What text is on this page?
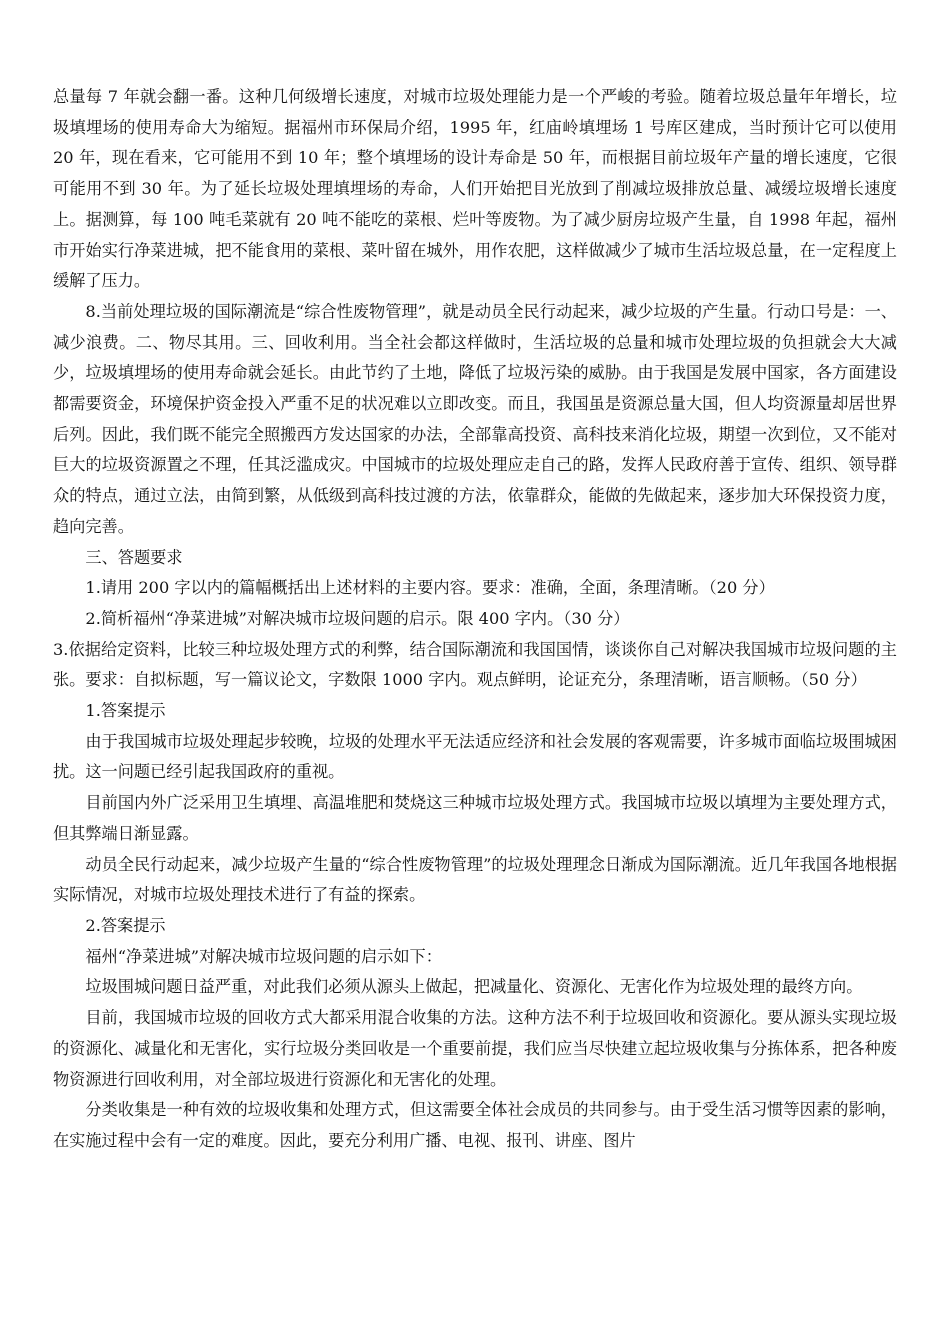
总量每 7 年就会翻一番。这种几何级增长速度，对城市垃圾处理能力是一个严峻的考验。随着垃圾总量年年增长，垃圾填埋场的使用寿命大为缩短。据福州市环保局介绍，1995 年，红庙岭填埋场 1 号库区建成，当时预计它可以使用 20 年，现在看来，它可能用不到 10 年；整个填埋场的设计寿命是 50 年，而根据目前垃圾年产量的增长速度，它很可能用不到 30 年。为了延长垃圾处理填埋场的寿命，人们开始把目光放到了削减垃圾排放总量、减缓垃圾增长速度上。据测算，每 100 吨毛菜就有 20 吨不能吃的菜根、烂叶等废物。为了减少厨房垃圾产生量，自 1998 年起，福州市开始实行净菜进城，把不能食用的菜根、菜叶留在城外，用作农肥，这样做减少了城市生活垃圾总量，在一定程度上缓解了压力。

8.当前处理垃圾的国际潮流是“综合性废物管理”，就是动员全民行动起来，减少垃圾的产生量。行动口号是：一、减少浪费。二、物尽其用。三、回收利用。当全社会都这样做时，生活垃圾的总量和城市处理垃圾的负担就会大大减少，垃圾填埋场的使用寿命就会延长。由此节约了土地，降低了垃圾污染的威胁。由于我国是发展中国家，各方面建设都需要资金，环境保护资金投入严重不足的状况难以立即改变。而且，我国虽是资源总量大国，但人均资源量却居世界后列。因此，我们既不能完全照搬西方发达国家的办法，全部靠高投资、高科技来消化垃圾，期望一次到位，又不能对巨大的垃圾资源置之不理，任其泛滥成灾。中国城市的垃圾处理应走自己的路，发挥人民政府善于宣传、组织、领导群众的特点，通过立法，由简到繁，从低级到高科技过渡的方法，依靠群众，能做的先做起来，逐步加大环保投资力度，趋向完善。

三、答题要求

1.请用 200 字以内的篇幅概括出上述材料的主要内容。要求：准确，全面，条理清晰。（20 分）

2.简析福州“净菜进城”对解决城市垃圾问题的启示。限 400 字内。（30 分）

3.依据给定资料，比较三种垃圾处理方式的利弊，结合国际潮流和我国国情，谈谈你自己对解决我国城市垃圾问题的主张。要求：自拟标题，写一篇议论文，字数限 1000 字内。观点鲜明，论证充分，条理清晰，语言顺畅。（50 分）

1.答案提示

由于我国城市垃圾处理起步较晚，垃圾的处理水平无法适应经济和社会发展的客观需要，许多城市面临垃圾围城困扰。这一问题已经引起我国政府的重视。

目前国内外广泛采用卫生填埋、高温堆肥和焚烧这三种城市垃圾处理方式。我国城市垃圾以填埋为主要处理方式，但其弊端日渐显露。

动员全民行动起来，减少垃圾产生量的“综合性废物管理”的垃圾处理理念日渐成为国际潮流。近几年我国各地根据实际情况，对城市垃圾处理技术进行了有益的探索。

2.答案提示

福州“净菜进城”对解决城市垃圾问题的启示如下：

垃圾围城问题日益严重，对此我们必须从源头上做起，把减量化、资源化、无害化作为垃圾处理的最终方向。

目前，我国城市垃圾的回收方式大都采用混合收集的方法。这种方法不利于垃圾回收和资源化。要从源头实现垃圾的资源化、减量化和无害化，实行垃圾分类回收是一个重要前提，我们应当尽快建立起垃圾收集与分拣体系，把各种废物资源进行回收利用，对全部垃圾进行资源化和无害化的处理。

分类收集是一种有效的垃圾收集和处理方式，但这需要全体社会成员的共同参与。由于受生活习惯等因素的影响，在实施过程中会有一定的难度。因此，要充分利用广播、电视、报刊、讲座、图片
